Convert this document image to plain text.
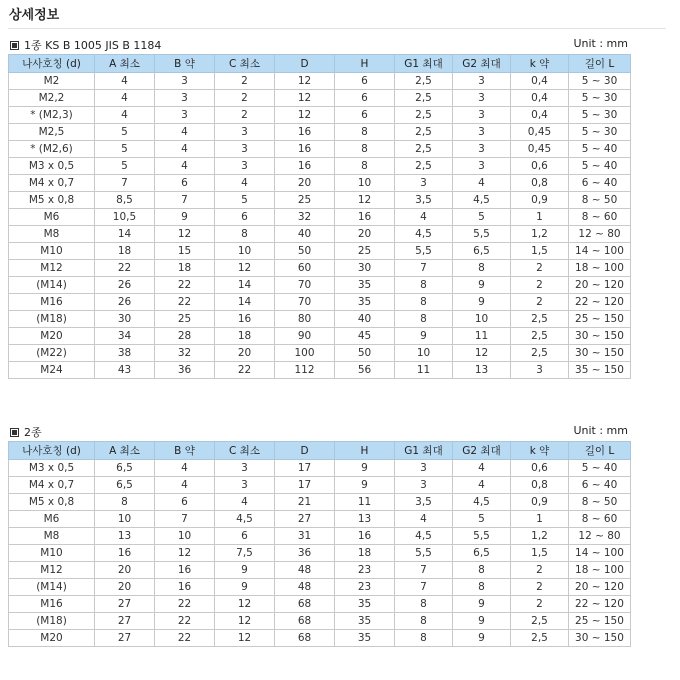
상세정보
1종 KS B 1005 JIS B 1184	Unit : mm
나사호칭 (d)	A 최소	B 약	C 최소	D	H	G1 최대	G2 최대	k 약	길이 L
M2	4	3	2	12	6	2,5	3	0,4	5 ~ 30
M2,2	4	3	2	12	6	2,5	3	0,4	5 ~ 30
* (M2,3)	4	3	2	12	6	2,5	3	0,4	5 ~ 30
M2,5	5	4	3	16	8	2,5	3	0,45	5 ~ 30
* (M2,6)	5	4	3	16	8	2,5	3	0,45	5 ~ 40
M3 x 0,5	5	4	3	16	8	2,5	3	0,6	5 ~ 40
M4 x 0,7	7	6	4	20	10	3	4	0,8	6 ~ 40
M5 x 0,8	8,5	7	5	25	12	3,5	4,5	0,9	8 ~ 50
M6	10,5	9	6	32	16	4	5	1	8 ~ 60
M8	14	12	8	40	20	4,5	5,5	1,2	12 ~ 80
M10	18	15	10	50	25	5,5	6,5	1,5	14 ~ 100
M12	22	18	12	60	30	7	8	2	18 ~ 100
(M14)	26	22	14	70	35	8	9	2	20 ~ 120
M16	26	22	14	70	35	8	9	2	22 ~ 120
(M18)	30	25	16	80	40	8	10	2,5	25 ~ 150
M20	34	28	18	90	45	9	11	2,5	30 ~ 150
(M22)	38	32	20	100	50	10	12	2,5	30 ~ 150
M24	43	36	22	112	56	11	13	3	35 ~ 150
2종	Unit : mm
나사호칭 (d)	A 최소	B 약	C 최소	D	H	G1 최대	G2 최대	k 약	길이 L
M3 x 0,5	6,5	4	3	17	9	3	4	0,6	5 ~ 40
M4 x 0,7	6,5	4	3	17	9	3	4	0,8	6 ~ 40
M5 x 0,8	8	6	4	21	11	3,5	4,5	0,9	8 ~ 50
M6	10	7	4,5	27	13	4	5	1	8 ~ 60
M8	13	10	6	31	16	4,5	5,5	1,2	12 ~ 80
M10	16	12	7,5	36	18	5,5	6,5	1,5	14 ~ 100
M12	20	16	9	48	23	7	8	2	18 ~ 100
(M14)	20	16	9	48	23	7	8	2	20 ~ 120
M16	27	22	12	68	35	8	9	2	22 ~ 120
(M18)	27	22	12	68	35	8	9	2,5	25 ~ 150
M20	27	22	12	68	35	8	9	2,5	30 ~ 150
